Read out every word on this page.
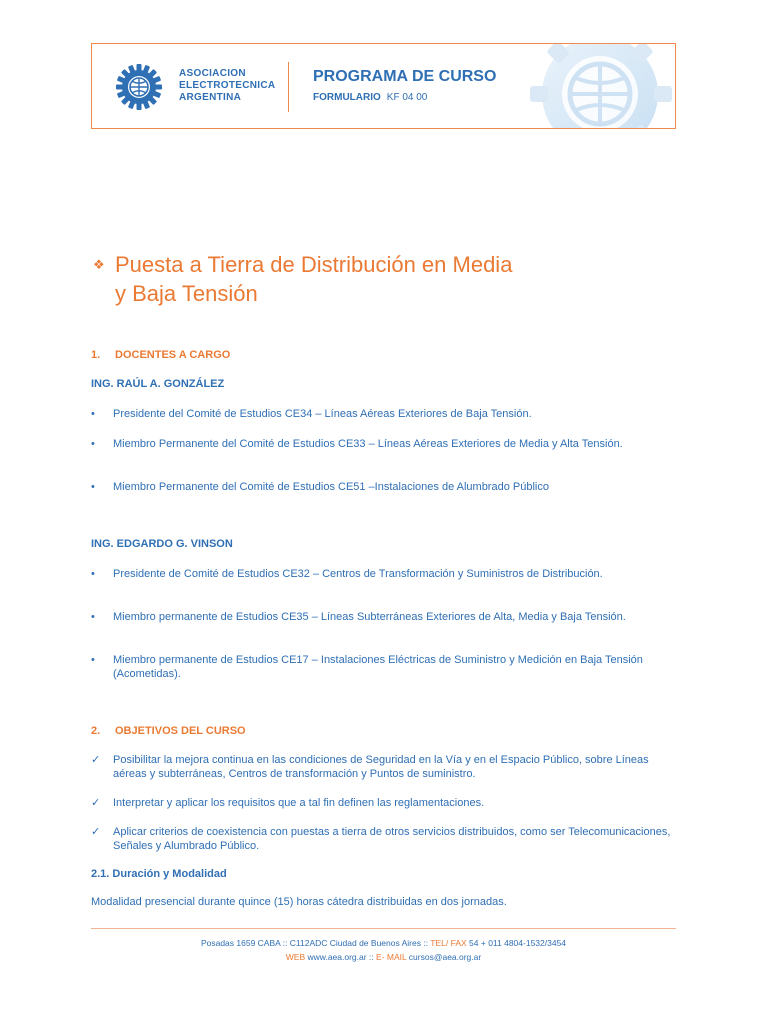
ASOCIACION
ELECTROTECNICA
ARGENTINA
PROGRAMA DE CURSO
FORMULARIO KF 04 00
❖ Puesta a Tierra de Distribución en Media
y Baja Tensión
1. DOCENTES A CARGO
ING. RAÚL A. GONZÁLEZ
•	Presidente del Comité de Estudios CE34 – Líneas Aéreas Exteriores de Baja Tensión.
•	Miembro Permanente del Comité de Estudios CE33 – Líneas Aéreas Exteriores de Media y Alta Tensión.
•	Miembro Permanente del Comité de Estudios CE51 –Instalaciones de Alumbrado Público
ING. EDGARDO G. VINSON
•	Presidente de Comité de Estudios CE32 – Centros de Transformación y Suministros de Distribución.
•	Miembro permanente de Estudios CE35 – Líneas Subterráneas Exteriores de Alta, Media y Baja Tensión.
•	Miembro permanente de Estudios CE17 – Instalaciones Eléctricas de Suministro y Medición en Baja Tensión (Acometidas).
2. OBJETIVOS DEL CURSO
✓	Posibilitar la mejora continua en las condiciones de Seguridad en la Vía y en el Espacio Público, sobre Líneas aéreas y subterráneas, Centros de transformación y Puntos de suministro.
✓	Interpretar y aplicar los requisitos que a tal fin definen las reglamentaciones.
✓	Aplicar criterios de coexistencia con puestas a tierra de otros servicios distribuidos, como ser Telecomunicaciones, Señales y Alumbrado Público.
2.1. Duración y Modalidad
Modalidad presencial durante quince (15) horas cátedra distribuidas en dos jornadas.
Posadas 1659 CABA :: C112ADC Ciudad de Buenos Aires :: TEL/ FAX 54 + 011 4804-1532/3454
WEB www.aea.org.ar :: E- MAIL cursos@aea.org.ar
